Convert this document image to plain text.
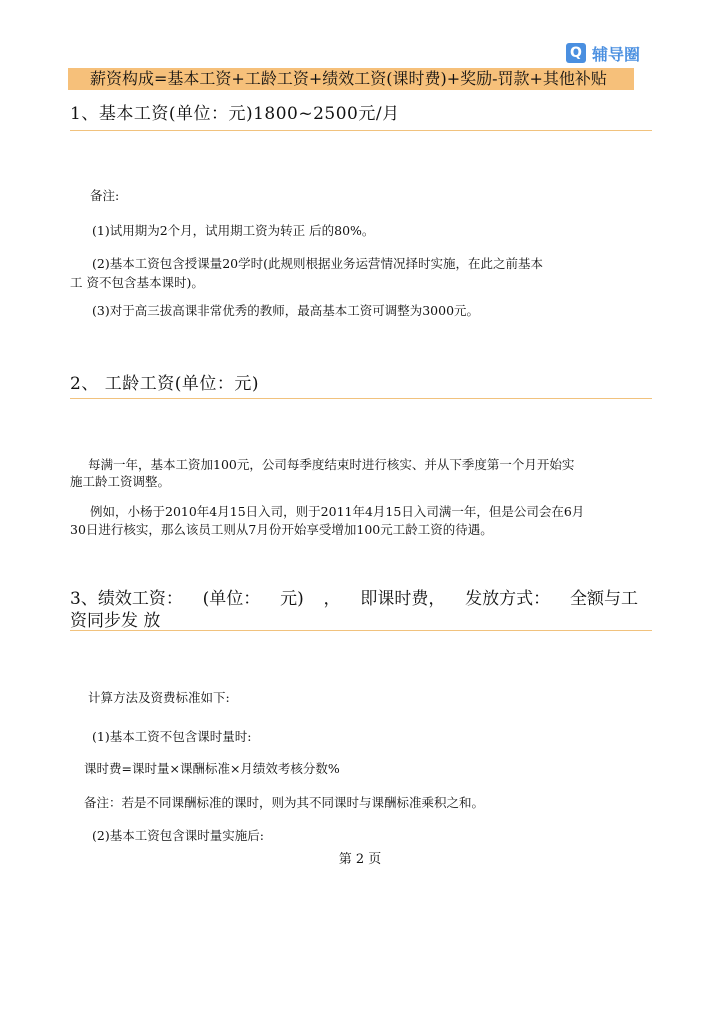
Q 辅导圈
薪资构成=基本工资+工龄工资+绩效工资(课时费)+奖励-罚款+其他补贴
1、基本工资(单位：元)1800~2500元/月
备注:
(1)试用期为2个月，试用期工资为转正 后的80%。
(2)基本工资包含授课量20学时(此规则根据业务运营情况择时实施，在此之前基本
工 资不包含基本课时)。
(3)对于高三拔高课非常优秀的教师，最高基本工资可调整为3000元。
2、 工龄工资(单位：元)
每满一年，基本工资加100元，公司每季度结束时进行核实、并从下季度第一个月开始实
施工龄工资调整。
例如，小杨于2010年4月15日入司，则于2011年4月15日入司满一年，但是公司会在6月
30日进行核实，那么该员工则从7月份开始享受增加100元工龄工资的待遇。
3、绩效工资： (单位： 元) ， 即课时费， 发放方式： 全额与工
资同步发 放
计算方法及资费标准如下:
(1)基本工资不包含课时量时:
课时费=课时量×课酬标准×月绩效考核分数%
备注：若是不同课酬标准的课时，则为其不同课时与课酬标准乘积之和。
(2)基本工资包含课时量实施后:
第 2 页
